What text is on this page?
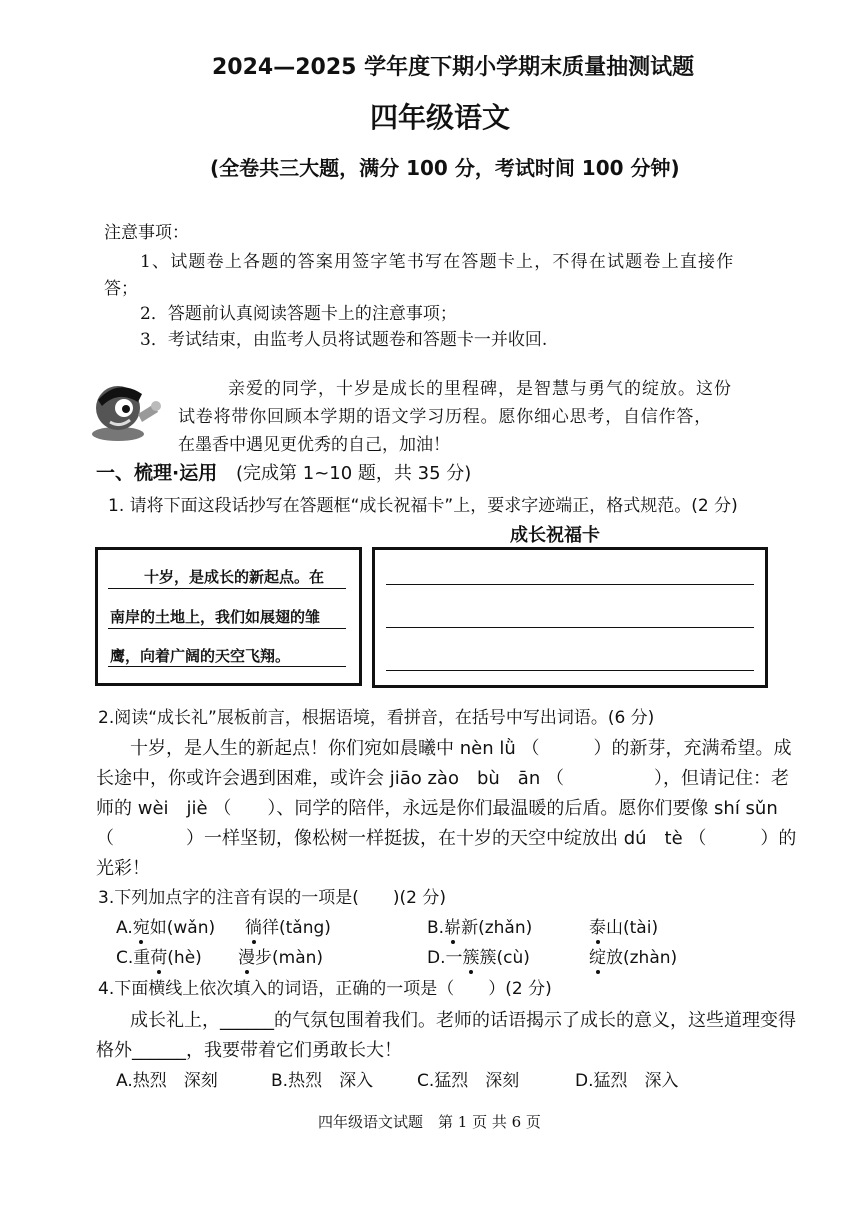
2024—2025 学年度下期小学期末质量抽测试题
四年级语文
(全卷共三大题，满分 100 分，考试时间 100 分钟)
注意事项：
1、试题卷上各题的答案用签字笔书写在答题卡上，不得在试题卷上直接作
答；
2．答题前认真阅读答题卡上的注意事项；
3．考试结束，由监考人员将试题卷和答题卡一并收回.
亲爱的同学，十岁是成长的里程碑，是智慧与勇气的绽放。这份
试卷将带你回顾本学期的语文学习历程。愿你细心思考，自信作答，
在墨香中遇见更优秀的自己，加油！
一、梳理·运用 (完成第 1~10 题，共 35 分)
1. 请将下面这段话抄写在答题框“成长祝福卡”上，要求字迹端正，格式规范。(2 分)
成长祝福卡
十岁，是成长的新起点。在
南岸的土地上，我们如展翅的雏
鹰，向着广阔的天空飞翔。
2.阅读“成长礼”展板前言，根据语境，看拼音，在括号中写出词语。(6 分)
十岁，是人生的新起点！你们宛如晨曦中 nèn lǜ （　　　）的新芽，充满希望。成
长途中，你或许会遇到困难，或许会 jiāo zào　bù　ān （　　　　　），但请记住：老
师的 wèi　jiè （　　）、同学的陪伴，永远是你们最温暖的后盾。愿你们要像 shí sǔn
（　　　　）一样坚韧，像松树一样挺拔，在十岁的天空中绽放出 dú　tè （　　　）的
光彩！
3.下列加点字的注音有误的一项是(　　)(2 分)
A.宛如(wǎn) 徜徉(tǎng)	B.崭新(zhǎn)	泰山(tài)
C.重荷(hè) 漫步(màn)	D.一簇簇(cù)	绽放(zhàn)
4.下面横线上依次填入的词语，正确的一项是（　　）(2 分)
成长礼上，______的气氛包围着我们。老师的话语揭示了成长的意义，这些道理变得
格外______，我要带着它们勇敢长大！
A.热烈　深刻	B.热烈　深入	C.猛烈　深刻	D.猛烈　深入
四年级语文试题　第 1 页 共 6 页
